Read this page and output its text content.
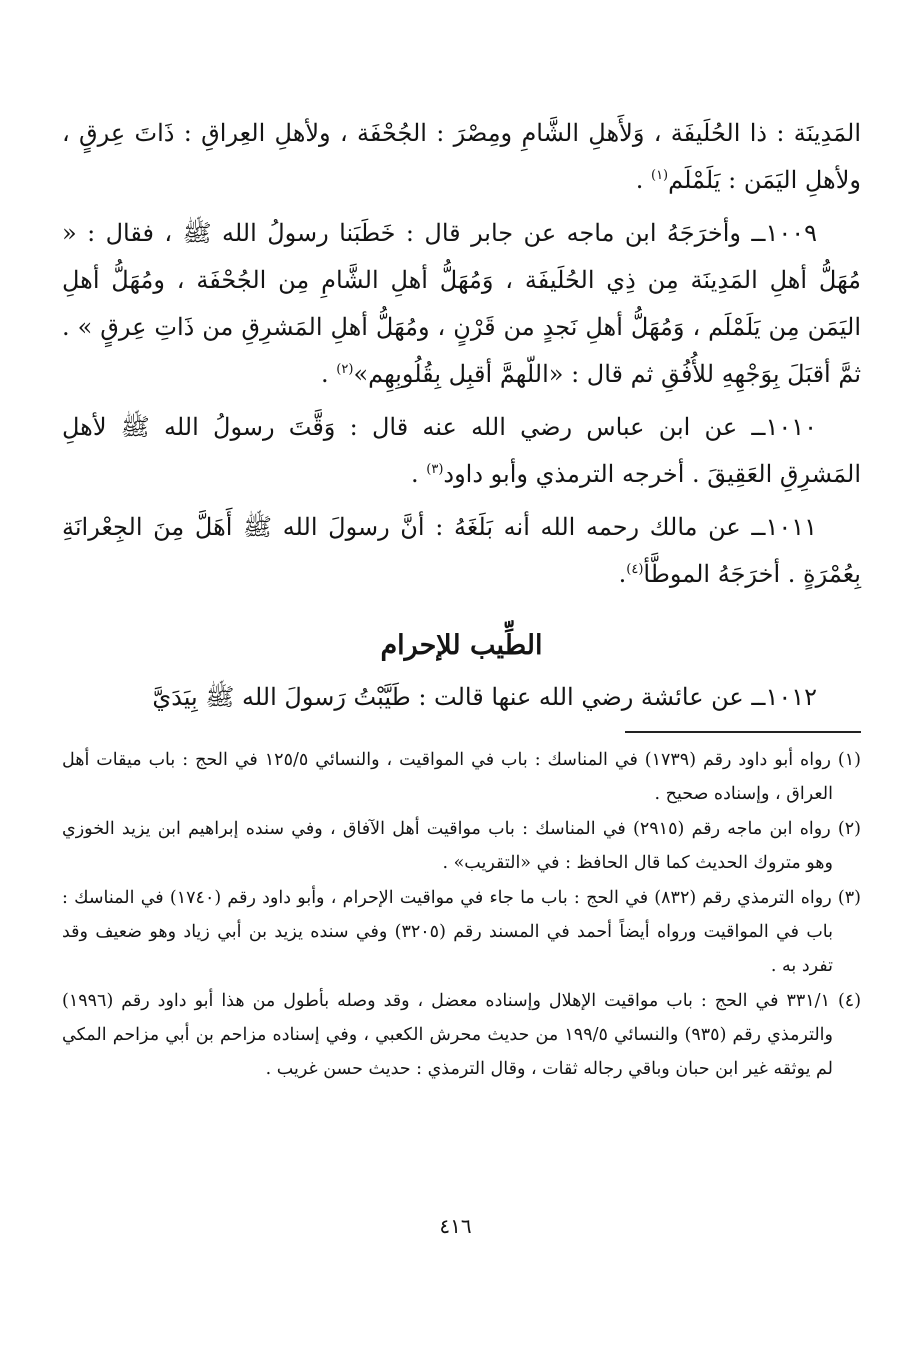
المَدِينَة : ذا الحُلَيفَة ، وَلأَهلِ الشَّامِ ومِصْرَ : الجُحْفَة ، ولأهلِ العِراقِ : ذَاتَ عِرقٍ ، ولأهلِ اليَمَن : يَلَمْلَم$^{(١)}$ .

١٠٠٩ــ وأخرَجَهُ ابن ماجه عن جابر قال : خَطَبَنا رسولُ الله ﷺ ، فقال : « مُهَلُّ أهلِ المَدِينَة مِن ذِي الحُلَيفَة ، وَمُهَلُّ أهلِ الشَّامِ مِن الجُحْفَة ، ومُهَلُّ أهلِ اليَمَن مِن يَلَمْلَم ، وَمُهَلُّ أهلِ نَجدٍ من قَرْنٍ ، ومُهَلُّ أهلِ المَشرِقِ من ذَاتِ عِرقٍ » . ثمَّ أقبَلَ بِوَجْهِهِ للأُفُقِ ثم قال : «اللّهمَّ أقبِل بِقُلُوبِهِم»$^{(٢)}$ .

١٠١٠ــ عن ابن عباس رضي الله عنه قال : وَقَّتَ رسولُ الله ﷺ لأهلِ المَشرِقِ العَقِيقَ . أخرجه الترمذي وأبو داود$^{(٣)}$ .

١٠١١ــ عن مالك رحمه الله أنه بَلَغَهُ : أنَّ رسولَ الله ﷺ أَهَلَّ مِنَ الجِعْرانَةِ بِعُمْرَةٍ . أخرَجَهُ الموطَّأ$^{(٤)}$.

الطِّيب للإحرام

١٠١٢ــ عن عائشة رضي الله عنها قالت : طَيَّبْتُ رَسولَ الله ﷺ بِيَدَيَّ

(١) رواه أبو داود رقم (١٧٣٩) في المناسك : باب في المواقيت ، والنسائي ١٢٥/٥ في الحج : باب ميقات أهل العراق ، وإسناده صحيح .

(٢) رواه ابن ماجه رقم (٢٩١٥) في المناسك : باب مواقيت أهل الآفاق ، وفي سنده إبراهيم ابن يزيد الخوزي وهو متروك الحديث كما قال الحافظ : في «التقريب» .

(٣) رواه الترمذي رقم (٨٣٢) في الحج : باب ما جاء في مواقيت الإحرام ، وأبو داود رقم (١٧٤٠) في المناسك : باب في المواقيت ورواه أيضاً أحمد في المسند رقم (٣٢٠٥) وفي سنده يزيد بن أبي زياد وهو ضعيف وقد تفرد به .

(٤) ٣٣١/١ في الحج : باب مواقيت الإهلال وإسناده معضل ، وقد وصله بأطول من هذا أبو داود رقم (١٩٩٦) والترمذي رقم (٩٣٥) والنسائي ١٩٩/٥ من حديث محرش الكعبي ، وفي إسناده مزاحم بن أبي مزاحم المكي لم يوثقه غير ابن حبان وباقي رجاله ثقات ، وقال الترمذي : حديث حسن غريب .

٤١٦
